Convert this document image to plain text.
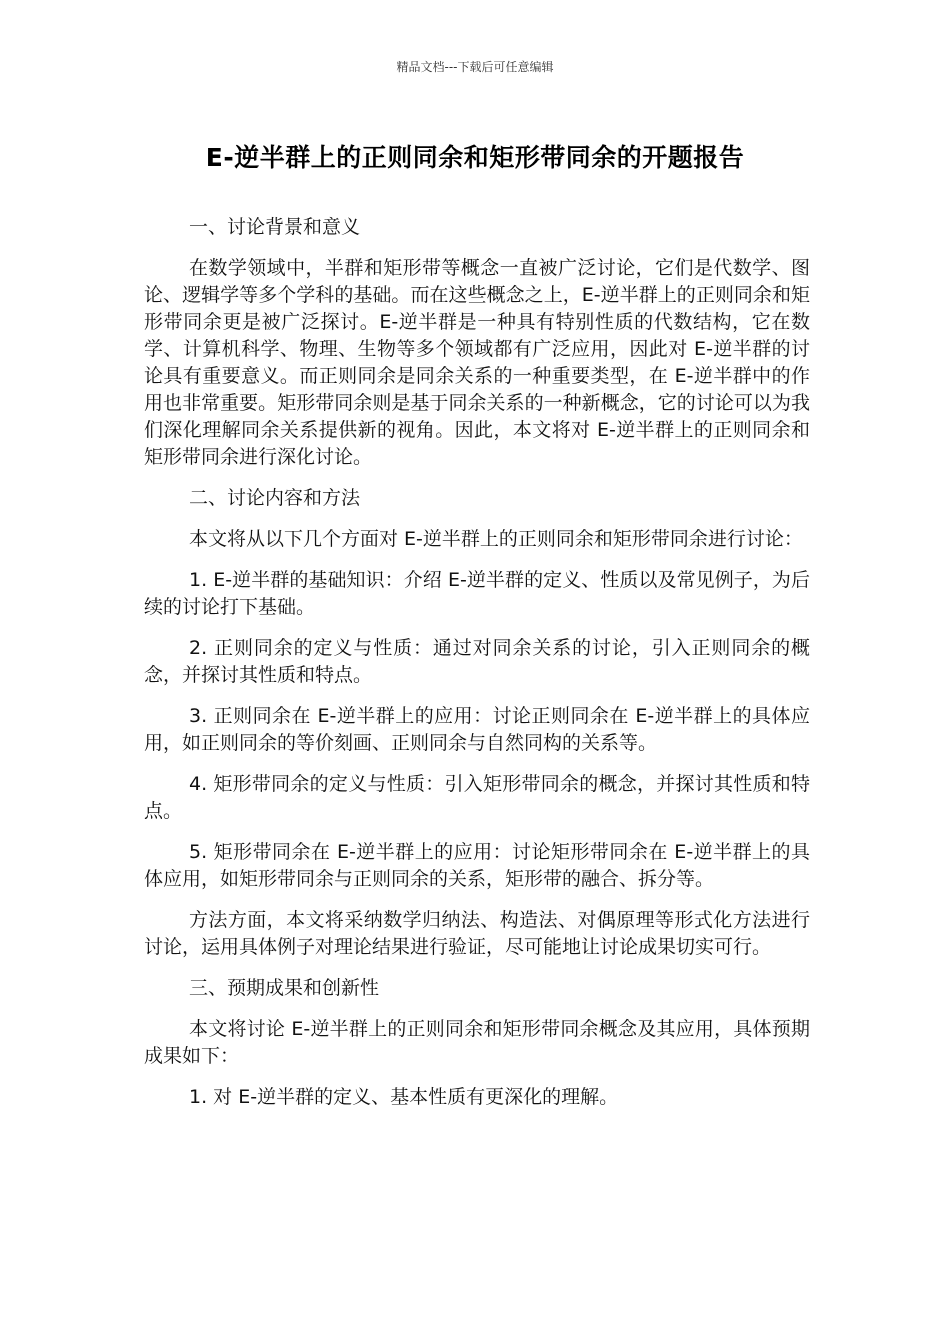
精品文档---下载后可任意编辑
E-逆半群上的正则同余和矩形带同余的开题报告

一、讨论背景和意义

在数学领域中，半群和矩形带等概念一直被广泛讨论，它们是代数学、图论、逻辑学等多个学科的基础。而在这些概念之上，E-逆半群上的正则同余和矩形带同余更是被广泛探讨。E-逆半群是一种具有特别性质的代数结构，它在数学、计算机科学、物理、生物等多个领域都有广泛应用，因此对 E-逆半群的讨论具有重要意义。而正则同余是同余关系的一种重要类型，在 E-逆半群中的作用也非常重要。矩形带同余则是基于同余关系的一种新概念，它的讨论可以为我们深化理解同余关系提供新的视角。因此，本文将对 E-逆半群上的正则同余和矩形带同余进行深化讨论。

二、讨论内容和方法

本文将从以下几个方面对 E-逆半群上的正则同余和矩形带同余进行讨论：

1. E-逆半群的基础知识：介绍 E-逆半群的定义、性质以及常见例子，为后续的讨论打下基础。

2. 正则同余的定义与性质：通过对同余关系的讨论，引入正则同余的概念，并探讨其性质和特点。

3. 正则同余在 E-逆半群上的应用：讨论正则同余在 E-逆半群上的具体应用，如正则同余的等价刻画、正则同余与自然同构的关系等。

4. 矩形带同余的定义与性质：引入矩形带同余的概念，并探讨其性质和特点。

5. 矩形带同余在 E-逆半群上的应用：讨论矩形带同余在 E-逆半群上的具体应用，如矩形带同余与正则同余的关系，矩形带的融合、拆分等。

方法方面，本文将采纳数学归纳法、构造法、对偶原理等形式化方法进行讨论，运用具体例子对理论结果进行验证，尽可能地让讨论成果切实可行。

三、预期成果和创新性

本文将讨论 E-逆半群上的正则同余和矩形带同余概念及其应用，具体预期成果如下：

1. 对 E-逆半群的定义、基本性质有更深化的理解。
